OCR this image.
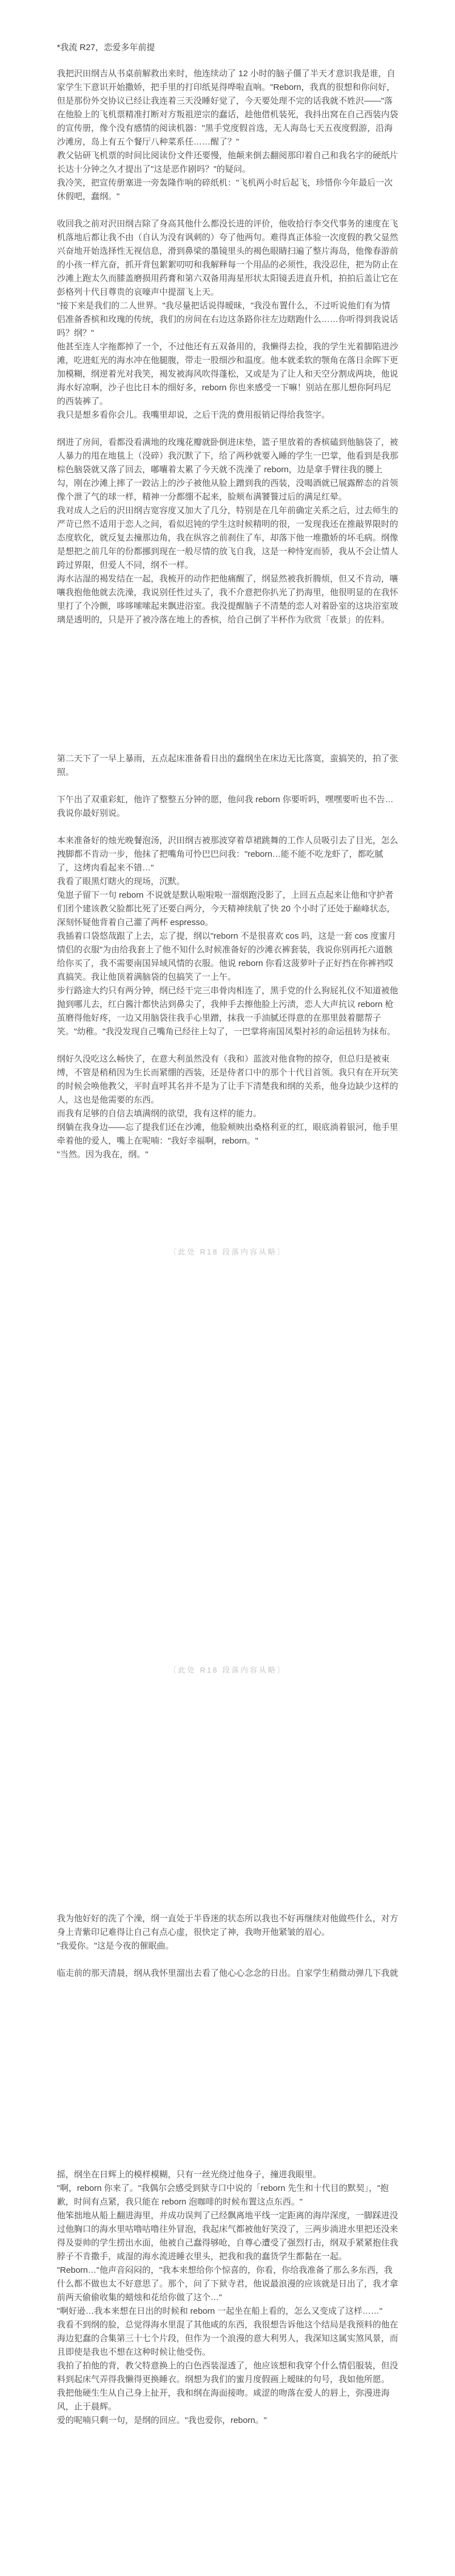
*我流 R27，恋爱多年前提

我把沢田纲吉从书桌前解救出来时，他连续动了 12 小时的脑子僵了半天才意识我是谁，自家学生下意识开始撒娇，把手里的打印纸晃得哗啦直响。"Reborn，我真的很想和你问好，但是那份外交协议已经让我连着三天没睡好觉了，今天要处理不完的话我就不姓沢——"落在他脸上的飞机票精准打断对方叛祖逆宗的蠢话，趁他借机装死，我抖出窝在自己西装内袋的宣传册，像个没有感情的阅读机器："黑手党度假首选，无人海岛七天五夜度假游，沿海沙滩房，岛上有五个餐厅八种菜系任……醒了？"

教父钻研飞机票的时间比阅读份文件还要慢，他颠来倒去翻阅那印着自己和我名字的硬纸片长达十分钟之久才提出了"这是恶作剧吗？"的疑问。

我冷笑，把宣传册塞进一旁轰隆作响的碎纸机："飞机两小时后起飞，珍惜你今年最后一次休假吧，蠢纲。"

收回我之前对沢田纲吉除了身高其他什么都没长进的评价，他收拾行李交代事务的速度在飞机落地后都让我不由（自认为没有讽刺的）夸了他两句。难得真正体验一次度假的教父显然兴奋地开始选择性无视信息，滑到鼻梁的墨镜里头的褐色眼睛扫遍了整片海岛，他像春游前的小孩一样亢奋，抓开背包絮絮叨叨和我解释每一个用品的必须性，我没忍住，把为防止在沙滩上跑太久而膝盖磨损用药膏和第六双备用海星形状太阳镜丢进直升机，拍拍后盖让它在彭格列十代目尊贵的哀嚎声中提溜飞上天。

"接下来是我们的二人世界。"我尽量把话说得暧昧，"我没布置什么，不过听说他们有为情侣准备香槟和玫瑰的传统，我们的房间在右边这条路你往左边瞎跑什么……你听得到我说话吗？纲？"

他甚至连人字拖都掉了一个，不过他还有五双备用的，我懒得去捡，我的学生光着脚陷进沙滩，吃进虹光的海水冲在他腿腹，带走一股细沙和温度。他本就柔软的颚角在落日余晖下更加模糊，纲逆着光对我笑，褐发被海风吹得蓬松，又或是为了让人和天空分割成两块，他说海水好凉啊，沙子也比日本的细好多，reborn 你也来感受一下嘛！别站在那儿想你阿玛尼的西装裤了。

我只是想多看你会儿。我嘴里却说，之后干洗的费用报销记得给我签字。

纲进了房间，看都没看满地的玫瑰花瓣就卧倒进床垫，篮子里放着的香槟磕到他脑袋了，被人暴力的甩在地毯上（没碎）我沉默了下，给了两秒就要入睡的学生一巴掌，他看到是我那棕色脑袋就又落了回去，嘟囔着太累了今天就不洗澡了 reborn，边是拿手臂往我的腰上勾，刚在沙滩上摔了一跤沾上的沙子被他从脸上蹭到我的西装，没喝酒就已展露醉态的首领像个泄了气的球一样，精神一分都绷不起来，脸颊布满饕餮过后的满足红晕。

我对成人之后的沢田纲吉宽容度又加大了几分，特别是在几年前确定关系之后，过去师生的严苛已然不适用于恋人之间，看似迟钝的学生这时候精明的很，一发现我还在推敲界限时的态度软化，就反复去撞那边角，我在纵容之前刹住了车，却落下他一堆撒娇的坏毛病。纲像是想把之前几年的份都挪到现在一般尽情的放飞自我，这是一种恃宠而骄，我从不会让情人跨过界限，但爱人不同，纲不一样。

海水沾湿的褐发结在一起，我梳开的动作把他痛醒了，纲显然被我折腾烦，但又不肯动，嚷嚷我抱他他就去洗澡，我说别任性过头了，我不介意把你扒光了扔海里，他很明显的在我怀里打了个冷颤，哆哆嗦嗦起来飘进浴室。我没提醒脑子不清楚的恋人对着卧室的这块浴室玻璃是透明的，只是开了被冷落在地上的香槟，给自己倒了半杯作为欣赏「夜景」的佐料。

第二天下了一早上暴雨，五点起床准备看日出的蠢纲坐在床边无比落寞，蛮搞笑的，拍了张照。

下午出了双重彩虹，他许了整整五分钟的愿，他问我 reborn 你要听吗，嘿嘿要听也不告…我说你最好别说。

本来准备好的烛光晚餐泡汤，沢田纲吉被那波穿着草裙跳舞的工作人员吸引去了目光，怎么拽脚都不肯动一步，他抹了把嘴角可怜巴巴问我："reborn…能不能不吃龙虾了，都吃腻了，这烤肉看起来不错…"

我看了眼黑灯瞎火的现场，沉默。

兔崽子留下一句 reborn 不说就是默认啦啦啦一溜烟跑没影了，上回五点起来让他和守护者们团个建该教父脸都比死了还要白两分，今天精神续航了快 20 个小时了还处于巅峰状态，深刻怀疑他背着自己灌了两杯 espresso。

我插着口袋悠哉跟了上去，忘了提，纲以"reborn 不是很喜欢 cos 吗，这是一套 cos 度蜜月情侣的衣服"为由给我套上了他不知什么时候准备好的沙滩衣裤套装，我说你别再托六道骸给你买了，我不需要南国异域风情的衣服。他说 reborn 你看这菠萝叶子正好挡在你裤裆哎真搞笑。我让他顶着满脑袋的包搞笑了一上午。

步行路途大约只有两分钟，纲已经干完三串骨肉相连了，黑手党的什么狗屁礼仪不知道被他抛到哪儿去，红白酱汁都快沾到鼻尖了，我伸手去擦他脸上污渍，恋人大声抗议 reborn 枪茧磨得他好疼，一边又用脑袋往我手心里蹭，抹我一手油腻还得意的在那里鼓着腮帮子笑。"幼稚。"我没发现自己嘴角已经往上勾了，一巴掌将南国凤梨衬衫的命运扭转为抹布。

纲好久没吃这么畅快了，在意大利虽然没有（我和）蓝波对他食物的掠夺，但总归是被束缚，不管是稍稍因为生长而紧绷的西装，还是侍者口中的那个十代目首领。我只有在开玩笑的时候会唤他教父，平时直呼其名并不是为了让手下清楚我和纲的关系，他身边缺少这样的人，这也是他需要的东西。

而我有足够的自信去填满纲的欲望，我有这样的能力。

纲躺在我身边——忘了提我们还在沙滩，他脸颊映出桑格利亚的红，眼底淌着银河，他手里牵着他的爱人，嘴上在呢喃："我好幸福啊，reborn。"

"当然。因为我在，纲。"

〔此处 R18 段落内容从略〕
〔此处 R18 段落内容从略〕

我为他好好的洗了个澡，纲一直处于半昏迷的状态所以我也不好再继续对他做些什么，对方身上青紫印记难得让自己有点心虚，很快定了神，我吻开他紧皱的眉心。

"我爱你。"这是今夜的催眠曲。

临走前的那天清晨，纲从我怀里溜出去看了他心心念念的日出。自家学生稍微动弹几下我就

摇，纲坐在日辉上的模样模糊，只有一丝光绕过他身子，撞进我眼里。

"啊，reborn 你来了。"我偶尔会感受到狱寺口中说的「reborn 先生和十代目的默契」，"抱歉，时间有点紧，我只能在 reborn 泡咖啡的时候布置这点东西。"

他笨拙地从船上翻进海里，并成功误判了已经飘离地平线一定距离的海岸深度，一脚踩进没过他胸口的海水里咕噜咕噜往外冒泡，我起床气都被他好笑没了，三两步淌进水里把还没来得及耍帅的学生捞出水面，他被自己蠢得够呛，自尊心遭受了强烈打击，纲双手紧紧抱住我脖子不肯撒手，咸湿的海水流进睡衣里头，把我和我的蠢货学生都黏在一起。

"Reborn…"他声音闷闷的，"我本来想给你个惊喜的，你看，你给我准备了那么多东西，我什么都不做也太不好意思了。那个，问了下狱寺君，他说最浪漫的应该就是日出了，我才拿前两天偷偷收集的蜡烛和花给你做了这个…"

"啊好逊…我本来想在日出的时候和 reborn 一起坐在船上看的，怎么又变成了这样……"

我看不到纲的脸，总觉得海水里混了其他咸的东西，我很想告诉他这个结局是我预料的他在海边犯蠢的合集第三十七个片段，但作为一个浪漫的意大利男人，我深知这属实煞风景，而且即使是我也不想在这种时候让他受伤。

我拍了拍他的背，教父特意换上的白色西装湿透了，他应该想和我穿个什么情侣服装，但没料到起床气弄得我懒得更换睡衣。纲想为我们的蜜月度假画上暧昧的句号，我如他所愿。

我把他硬生生从自己身上扯开，我和纲在海面接吻。咸涩的吻落在爱人的唇上，弥漫进海风，止于晨辉。

爱的呢喃只剩一句，是纲的回应。"我也爱你，reborn。"
